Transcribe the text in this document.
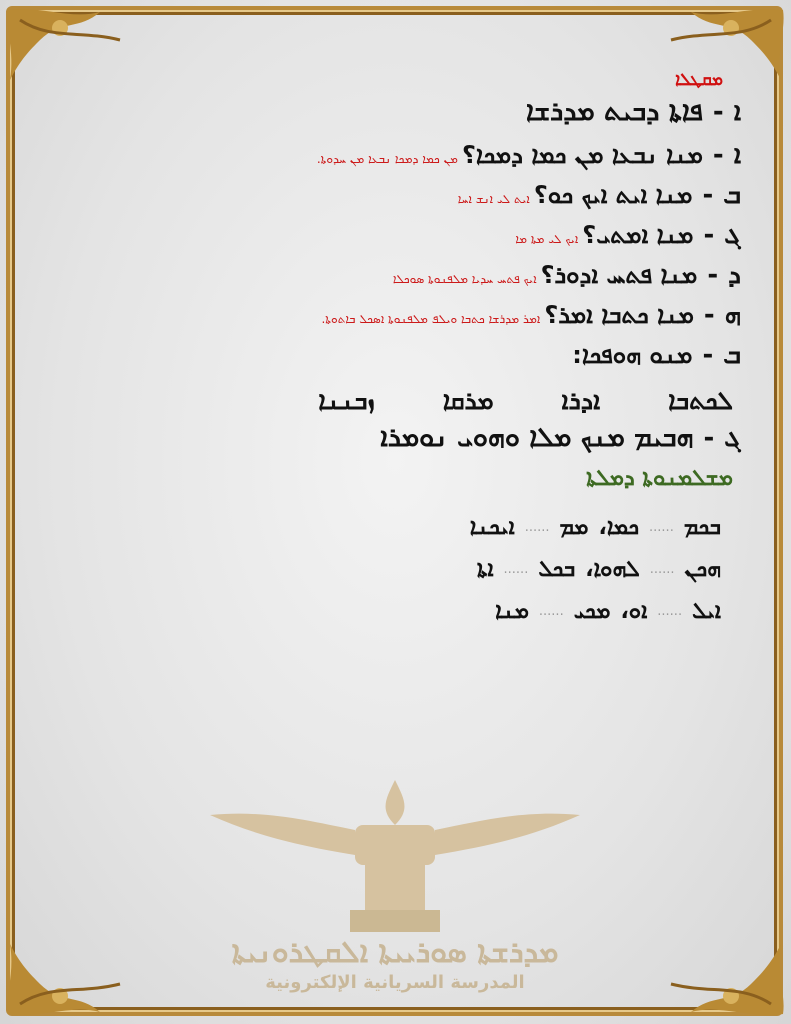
ܡܩܛܠܐ
ܐ
-
ܦܐܬܐ ܕܒܝܬ ܡܕܪܫܐ
ܐ
-
ܡܢܐ ܢܒܥܐ ܡܢ ܟܡܐ ܕܡܟܐ؟
ܡܢ ܟܡܐ ܕܡܟܐ ܢܒܥܐ ܡܢ ܚܕܘܬܐ.
ܒ
-
ܡܢܐ ܐܝܬ ܐܝܟ ܟܘ؟
ܐܝܬ ܠܝ ܐܢܫ ܐܚܐ
ܓ
-
ܡܢܐ ܐܡܬܝ؟
ܐܝܟ ܠܝ ܡܬܐ ܡܐ
ܕ
-
ܡܢܐ ܦܬܚ ܐܕܘܪ؟
ܐܝܟ ܦܬܚ ܚܕܝܐ ܡܠܦܢܘܬܐ ܣܘܟܠܐ
ܗ
-
ܡܢܐ ܟܬܒܐ ܐܡܪ؟
ܐܡܪ ܡܕܪܫܐ ܟܬܒܐ ܘܝܠܦ ܡܠܦܢܘܬܐ ܐܣܟܠ ܒܐܬܘܬܐ.
ܒ
-
ܡܢܘ ܗܘܦܟܐ:
ܠܟܬܒܐ
ܐܕܪܐ
ܡܪܩܐ
ܙܒܢܢܐ
ܓ
-
ܗܒܝܡ ܡܢܟ ܡܠܐ ܘܗܘܝ ܢܘܡܪܐ
ܡܫܠܡܢܘܬܐ ܕܡܠܬܐ
ܒܟܡ
......
ܟܡܐ،
ܡܡ
......
ܐܝܟܢܐ
ܗܟܢ
......
ܠܗܘܐ،
ܒܟܠ
......
ܐܬܐ
ܐܝܠ
......
ܐܘ،
ܡܟܝ
......
ܡܢܐ
ܡܕܪܫܬܐ ܣܘܪܝܝܬܐ ܐܠܩܛܪܘܢܝܬܐ
المدرسة السريانية الإلكترونية
